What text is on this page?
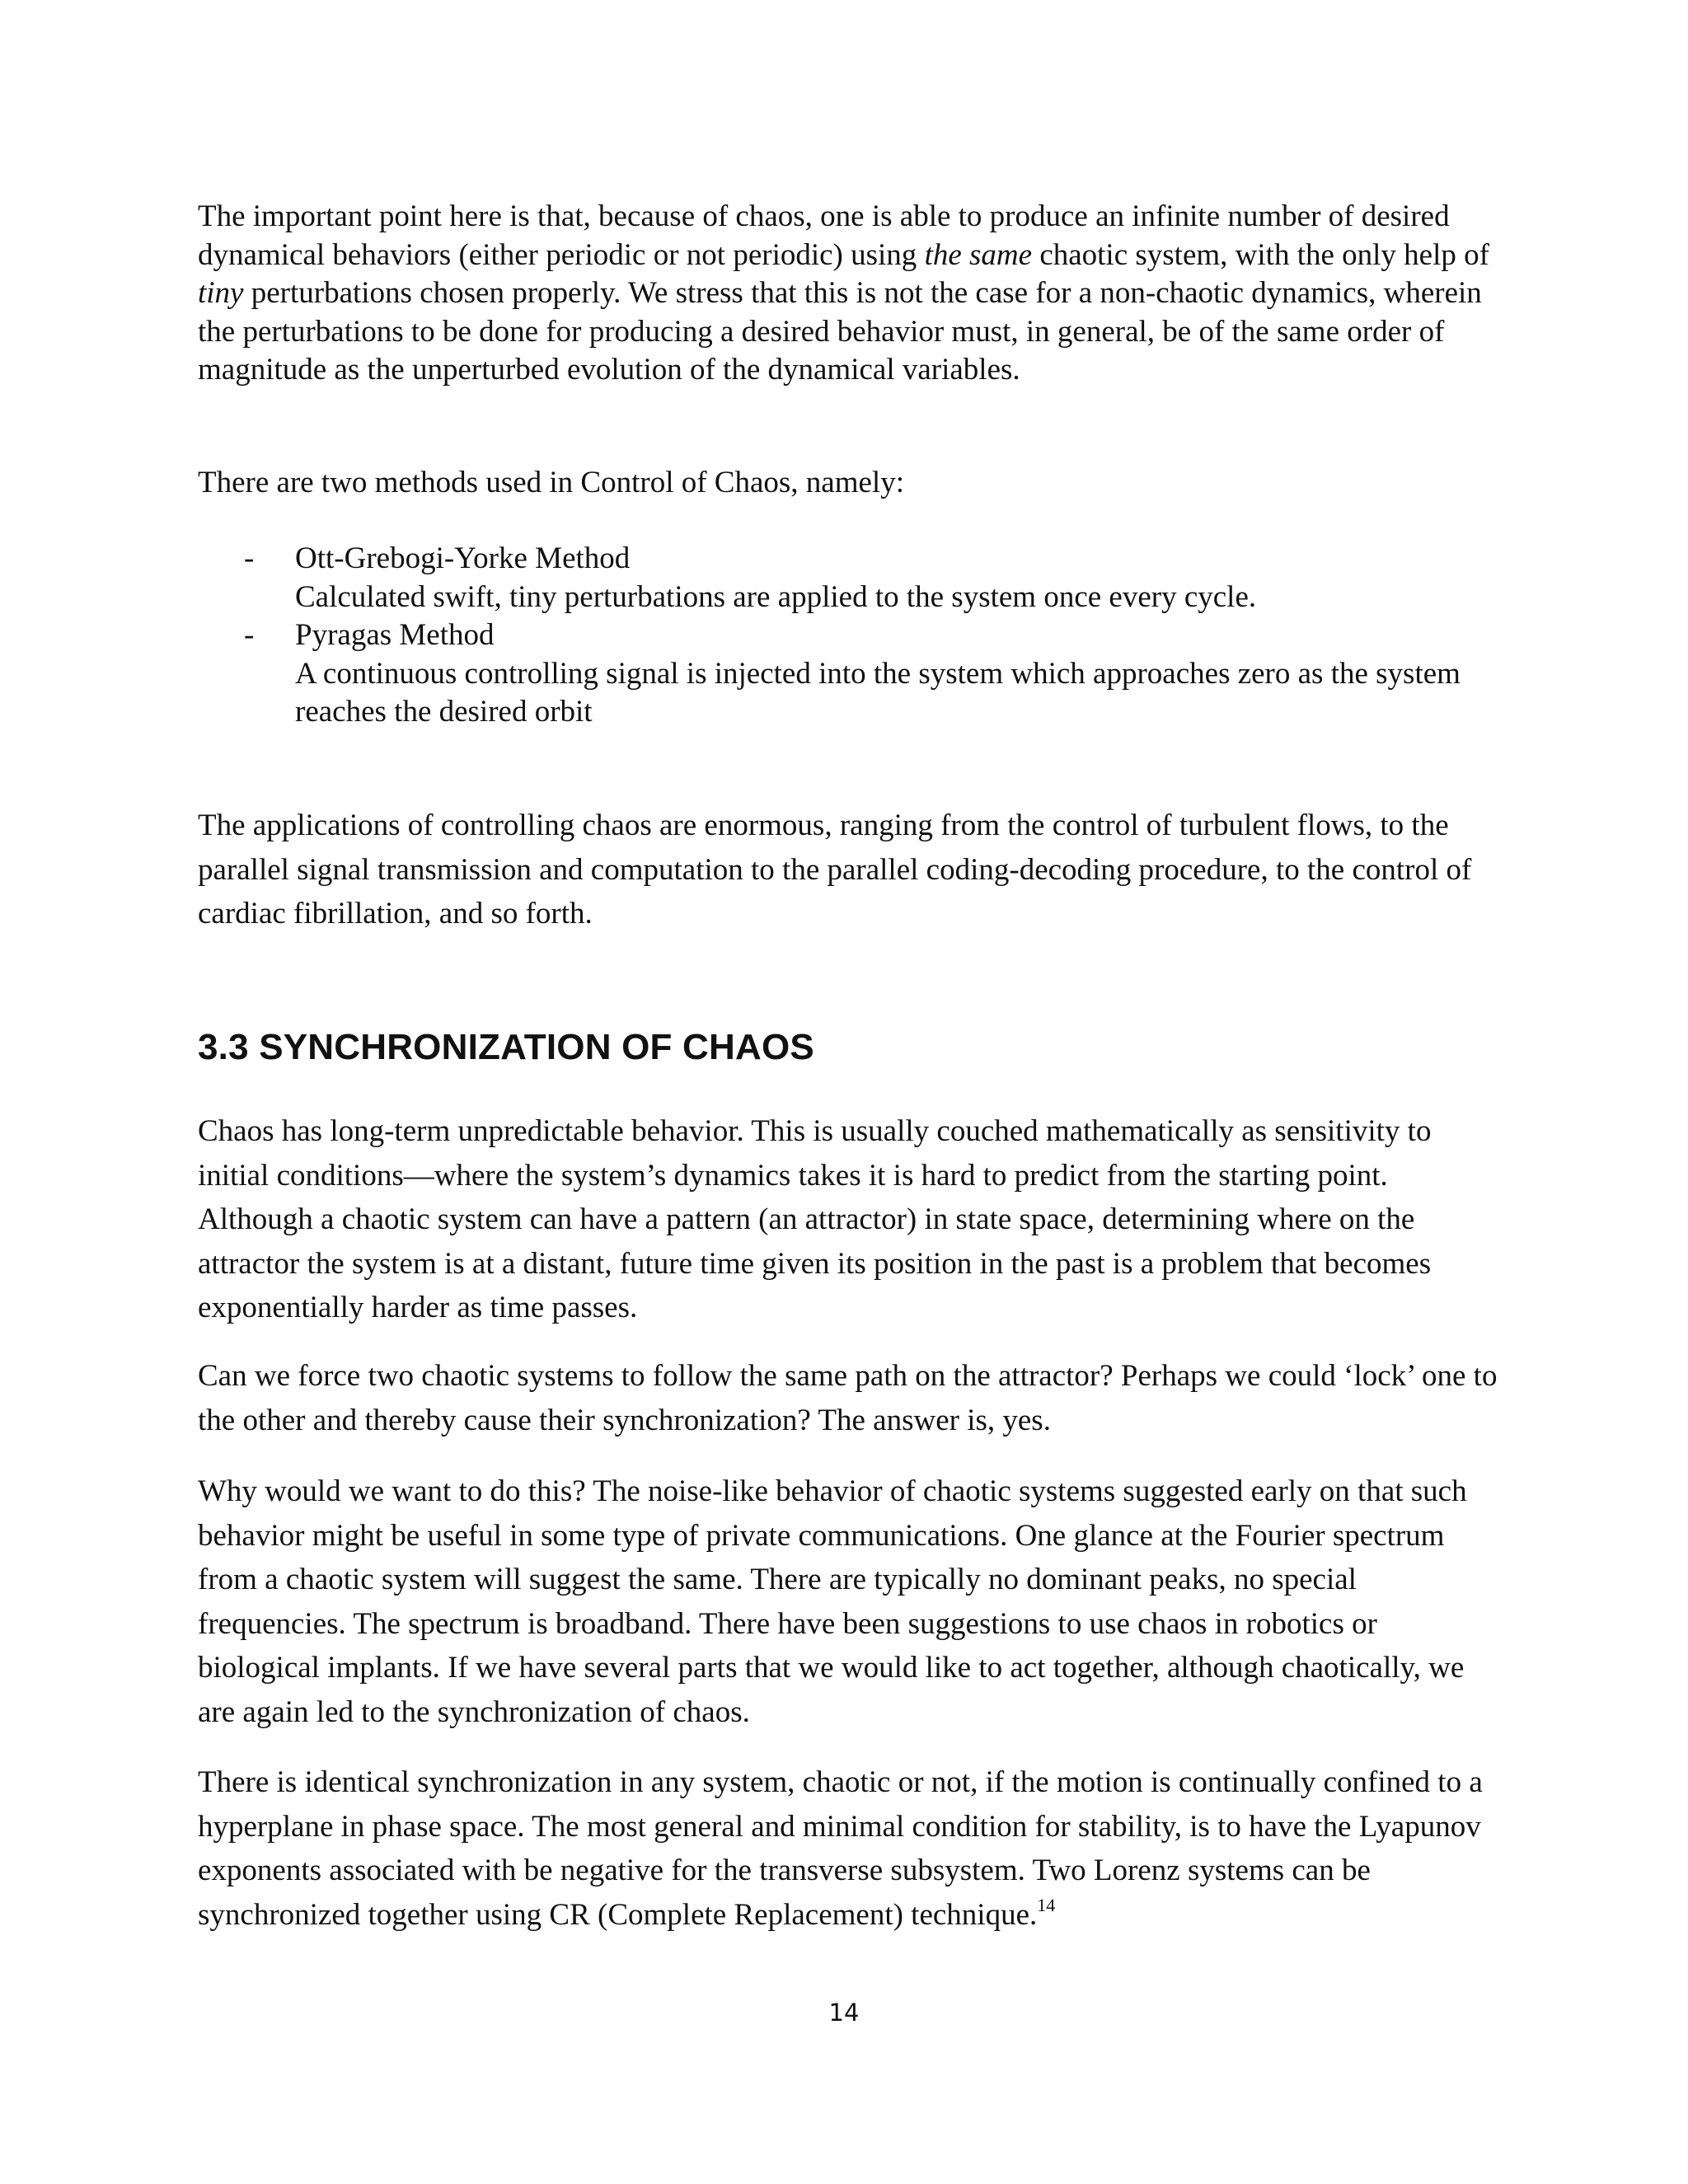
The important point here is that, because of chaos, one is able to produce an infinite number of desired dynamical behaviors (either periodic or not periodic) using the same chaotic system, with the only help of tiny perturbations chosen properly. We stress that this is not the case for a non-chaotic dynamics, wherein the perturbations to be done for producing a desired behavior must, in general, be of the same order of magnitude as the unperturbed evolution of the dynamical variables.

There are two methods used in Control of Chaos, namely:

- Ott-Grebogi-Yorke Method
Calculated swift, tiny perturbations are applied to the system once every cycle.
- Pyragas Method
A continuous controlling signal is injected into the system which approaches zero as the system reaches the desired orbit

The applications of controlling chaos are enormous, ranging from the control of turbulent flows, to the parallel signal transmission and computation to the parallel coding-decoding procedure, to the control of cardiac fibrillation, and so forth.

3.3 SYNCHRONIZATION OF CHAOS

Chaos has long-term unpredictable behavior. This is usually couched mathematically as sensitivity to initial conditions—where the system’s dynamics takes it is hard to predict from the starting point. Although a chaotic system can have a pattern (an attractor) in state space, determining where on the attractor the system is at a distant, future time given its position in the past is a problem that becomes exponentially harder as time passes.

Can we force two chaotic systems to follow the same path on the attractor? Perhaps we could ‘lock’ one to the other and thereby cause their synchronization? The answer is, yes.

Why would we want to do this? The noise-like behavior of chaotic systems suggested early on that such behavior might be useful in some type of private communications. One glance at the Fourier spectrum from a chaotic system will suggest the same. There are typically no dominant peaks, no special frequencies. The spectrum is broadband. There have been suggestions to use chaos in robotics or biological implants. If we have several parts that we would like to act together, although chaotically, we are again led to the synchronization of chaos.

There is identical synchronization in any system, chaotic or not, if the motion is continually confined to a hyperplane in phase space. The most general and minimal condition for stability, is to have the Lyapunov exponents associated with be negative for the transverse subsystem. Two Lorenz systems can be synchronized together using CR (Complete Replacement) technique.$^{14}$

14
